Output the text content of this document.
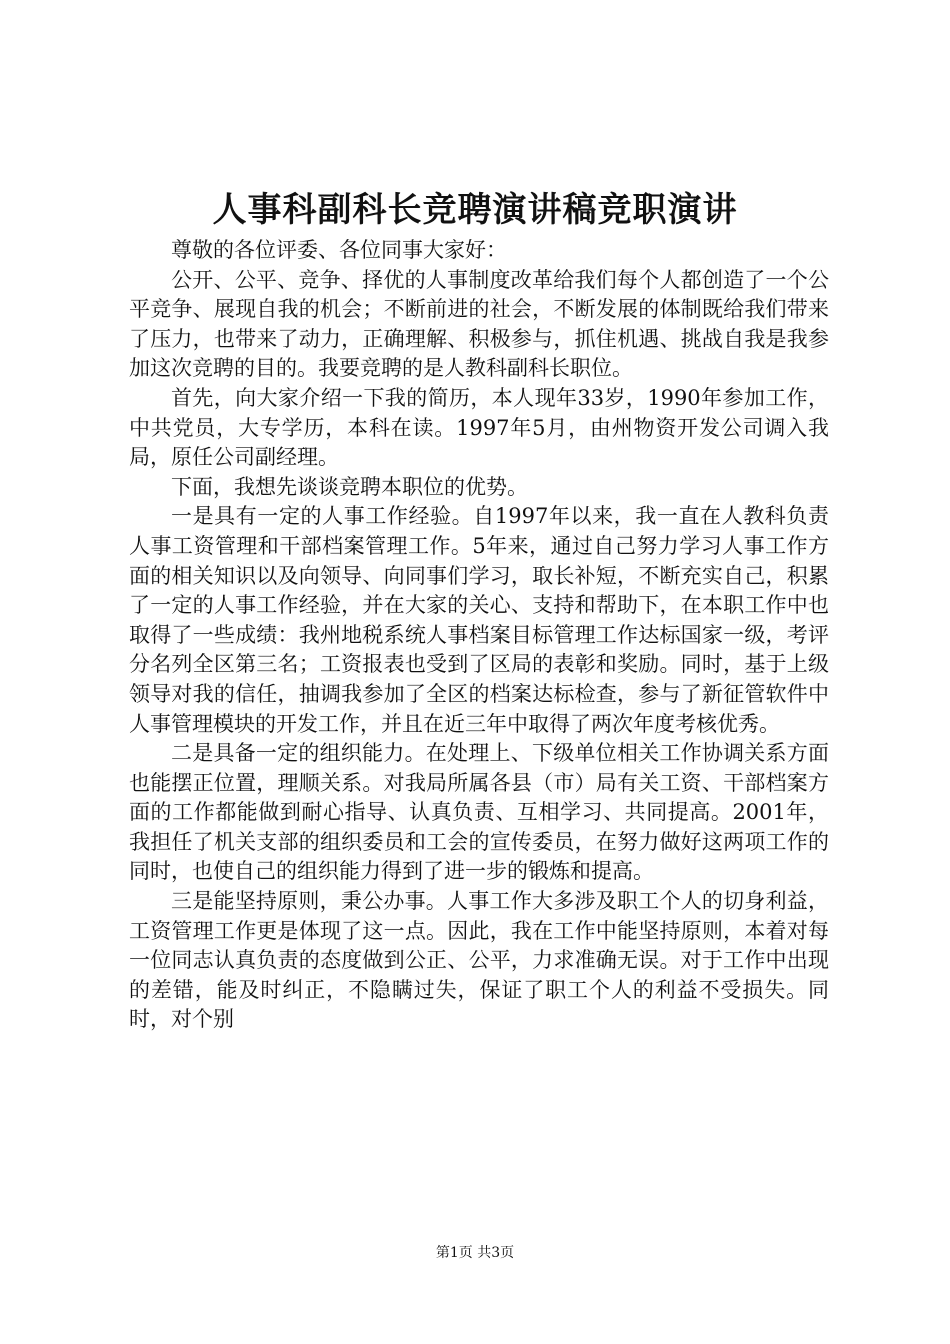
人事科副科长竞聘演讲稿竞职演讲

尊敬的各位评委、各位同事大家好：

公开、公平、竞争、择优的人事制度改革给我们每个人都创造了一个公平竞争、展现自我的机会；不断前进的社会，不断发展的体制既给我们带来了压力，也带来了动力，正确理解、积极参与，抓住机遇、挑战自我是我参加这次竞聘的目的。我要竞聘的是人教科副科长职位。

首先，向大家介绍一下我的简历，本人现年33岁，1990年参加工作，中共党员，大专学历，本科在读。1997年5月，由州物资开发公司调入我局，原任公司副经理。

下面，我想先谈谈竞聘本职位的优势。

一是具有一定的人事工作经验。自1997年以来，我一直在人教科负责人事工资管理和干部档案管理工作。5年来，通过自己努力学习人事工作方面的相关知识以及向领导、向同事们学习，取长补短，不断充实自己，积累了一定的人事工作经验，并在大家的关心、支持和帮助下，在本职工作中也取得了一些成绩：我州地税系统人事档案目标管理工作达标国家一级，考评分名列全区第三名；工资报表也受到了区局的表彰和奖励。同时，基于上级领导对我的信任，抽调我参加了全区的档案达标检查，参与了新征管软件中人事管理模块的开发工作，并且在近三年中取得了两次年度考核优秀。

二是具备一定的组织能力。在处理上、下级单位相关工作协调关系方面也能摆正位置，理顺关系。对我局所属各县（市）局有关工资、干部档案方面的工作都能做到耐心指导、认真负责、互相学习、共同提高。2001年，我担任了机关支部的组织委员和工会的宣传委员，在努力做好这两项工作的同时，也使自己的组织能力得到了进一步的锻炼和提高。

三是能坚持原则，秉公办事。人事工作大多涉及职工个人的切身利益，工资管理工作更是体现了这一点。因此，我在工作中能坚持原则，本着对每一位同志认真负责的态度做到公正、公平，力求准确无误。对于工作中出现的差错，能及时纠正，不隐瞒过失，保证了职工个人的利益不受损失。同时，对个别

第1页 共3页
